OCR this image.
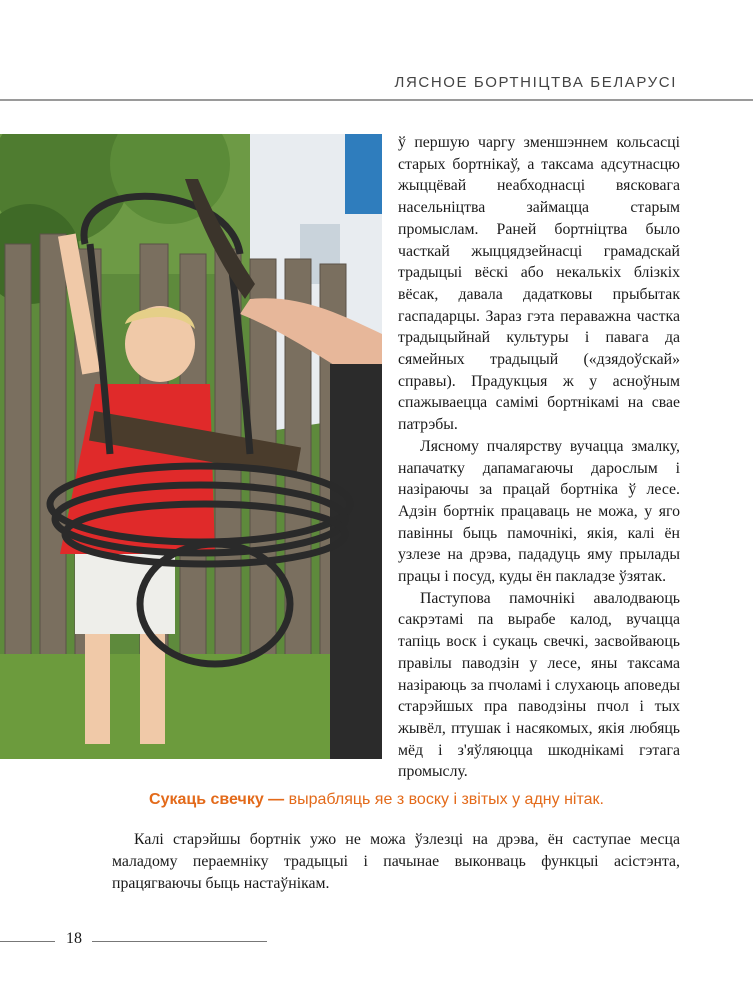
ЛЯСНОЕ БОРТНІЦТВА БЕЛАРУСІ

ў першую чаргу зменшэннем кольcасці старых бортнікаў, а таксама адсутнасцю жыццёвай неабходнасці вясковага насельніцтва займацца старым промыслам. Раней бортніцтва было часткай жыццядзейнасці грамадскай традыцыі вёскі або некалькіх блізкіх вёсак, давала дадатковы прыбытак гаспадарцы. Зараз гэта пераважна частка традыцыйнай культуры і павага да сямейных традыцый («дзядоўскай» справы). Прадукцыя ж у асноўным спажываецца самімі бортнікамі на свае патрэбы.

Лясному пчалярству вучацца змалку, напачатку дапамагаючы дарослым і назіраючы за працай бортніка ў лесе. Адзін бортнік працаваць не можа, у яго павінны быць памочнікі, якія, калі ён узлезе на дрэва, пададуць яму прылады працы і посуд, куды ён пакладзе ўзятак.

Паступова памочнікі авалодваюць сакрэтамі па вырабе калод, вучацца тапіць воск і сукаць свечкі, засвойваюць правілы паводзін у лесе, яны таксама назіраюць за пчоламі і слухаюць аповеды старэйшых пра паводзіны пчол і тых жывёл, птушак і насякомых, якія любяць мёд і з'яўляюцца шкоднікамі гэтага промыслу.

Сукаць свечку — вырабляць яе з воску і звітых у адну нітак.

Калі старэйшы бортнік ужо не можа ўзлезці на дрэва, ён саступае месца маладому пераемніку традыцыі і пачынае выконваць функцыі асістэнта, працягваючы быць настаўнікам.

18
